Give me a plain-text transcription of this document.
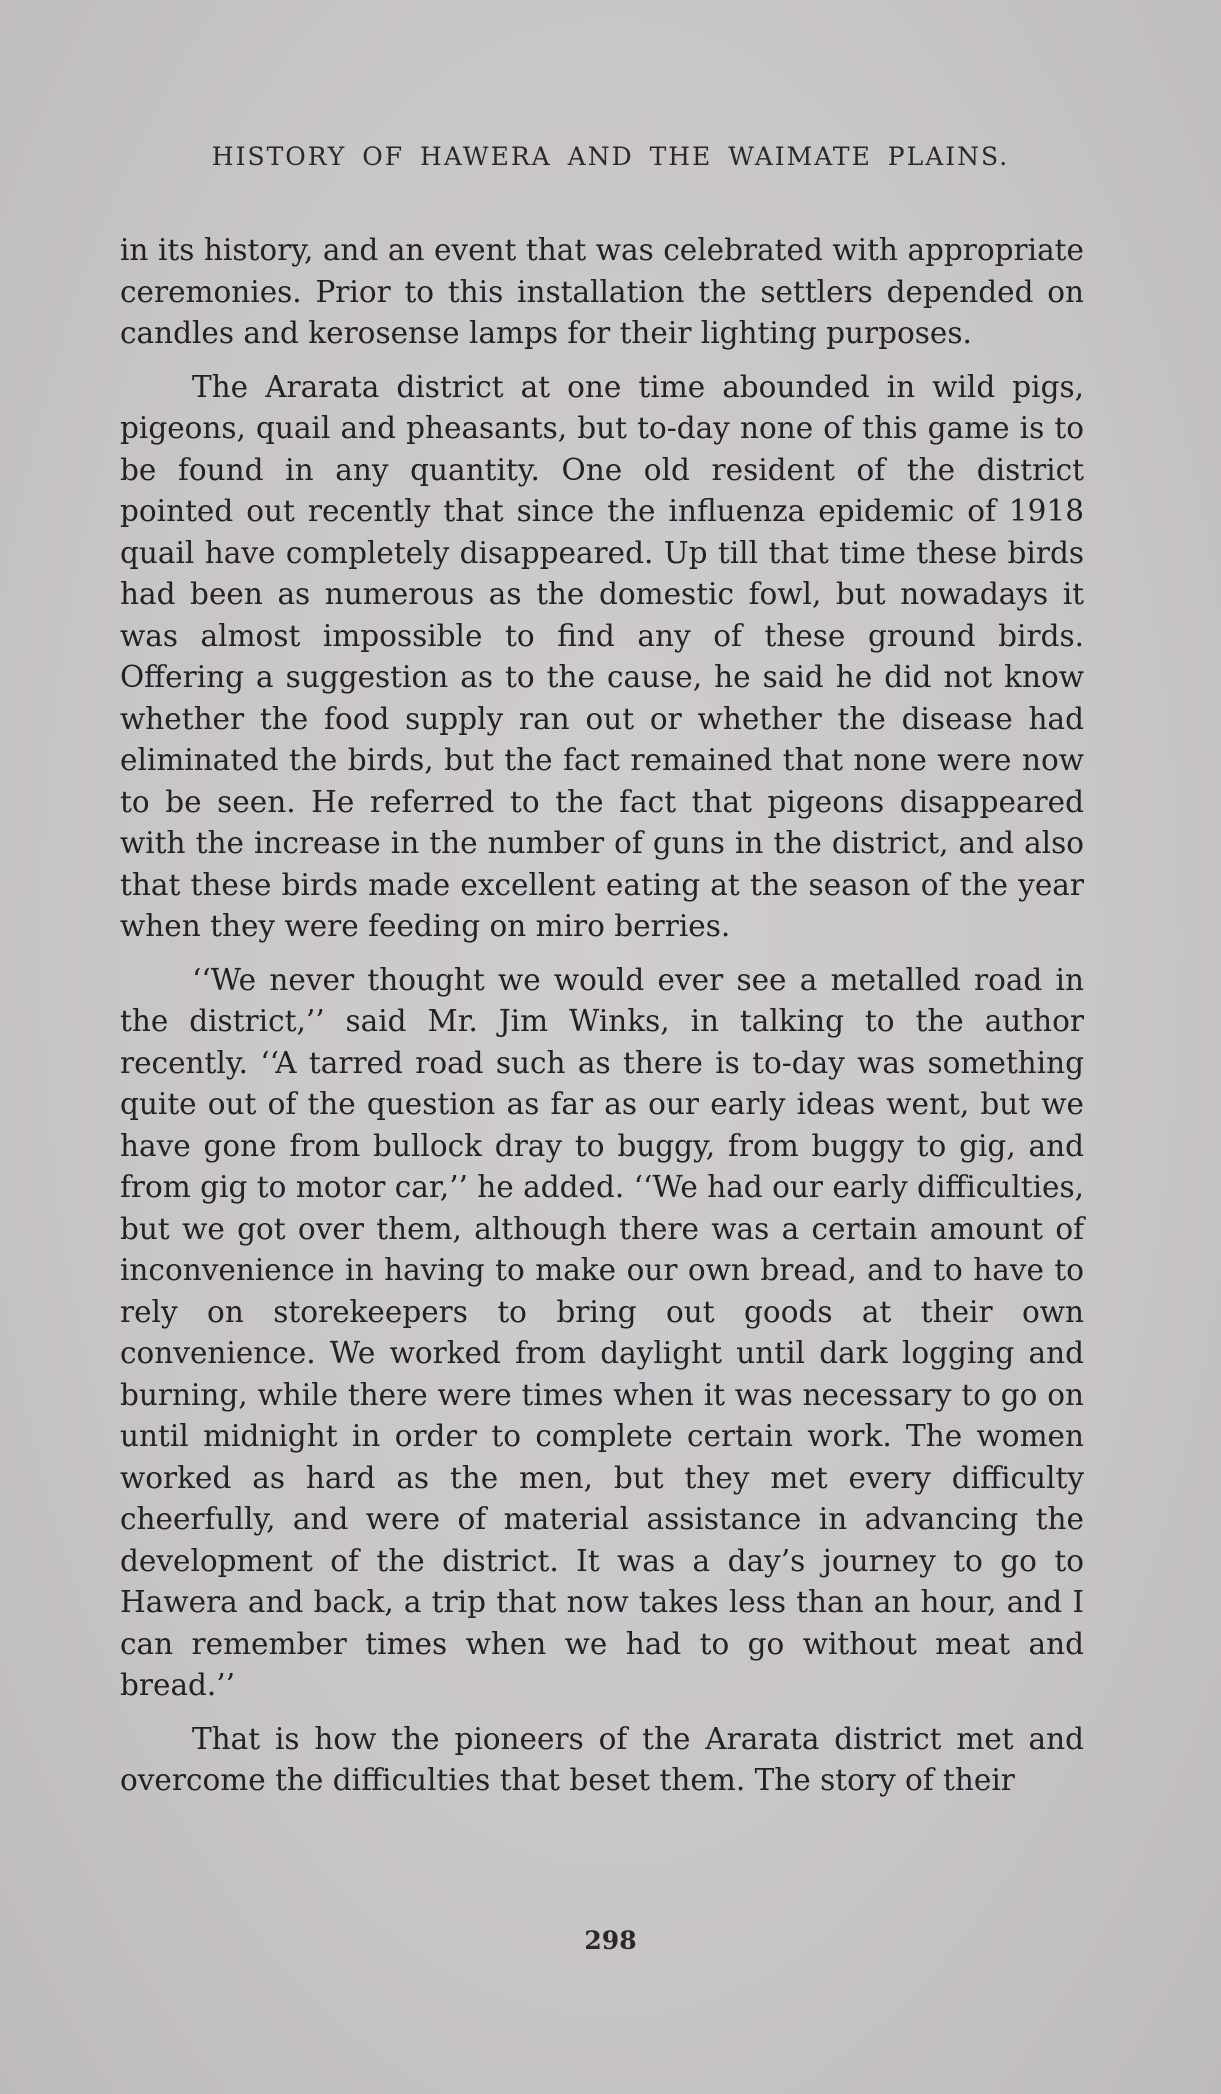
HISTORY OF HAWERA AND THE WAIMATE PLAINS.

in its history, and an event that was celebrated with appropriate ceremonies. Prior to this installation the settlers depended on candles and kerosense lamps for their lighting purposes.

The Ararata district at one time abounded in wild pigs, pigeons, quail and pheasants, but to-day none of this game is to be found in any quantity. One old resident of the district pointed out recently that since the influenza epidemic of 1918 quail have completely disappeared. Up till that time these birds had been as numerous as the domestic fowl, but nowadays it was almost impossible to find any of these ground birds. Offering a suggestion as to the cause, he said he did not know whether the food supply ran out or whether the disease had eliminated the birds, but the fact remained that none were now to be seen. He referred to the fact that pigeons disappeared with the increase in the number of guns in the district, and also that these birds made excellent eating at the season of the year when they were feeding on miro berries.

‘‘We never thought we would ever see a metalled road in the district,’’ said Mr. Jim Winks, in talking to the author recently. ‘‘A tarred road such as there is to-day was something quite out of the question as far as our early ideas went, but we have gone from bullock dray to buggy, from buggy to gig, and from gig to motor car,’’ he added. ‘‘We had our early difficulties, but we got over them, although there was a certain amount of inconvenience in having to make our own bread, and to have to rely on storekeepers to bring out goods at their own convenience. We worked from daylight until dark logging and burning, while there were times when it was necessary to go on until midnight in order to complete certain work. The women worked as hard as the men, but they met every difficulty cheerfully, and were of material assistance in advancing the development of the district. It was a day’s journey to go to Hawera and back, a trip that now takes less than an hour, and I can remember times when we had to go without meat and bread.’’

That is how the pioneers of the Ararata district met and overcome the difficulties that beset them. The story of their

298
